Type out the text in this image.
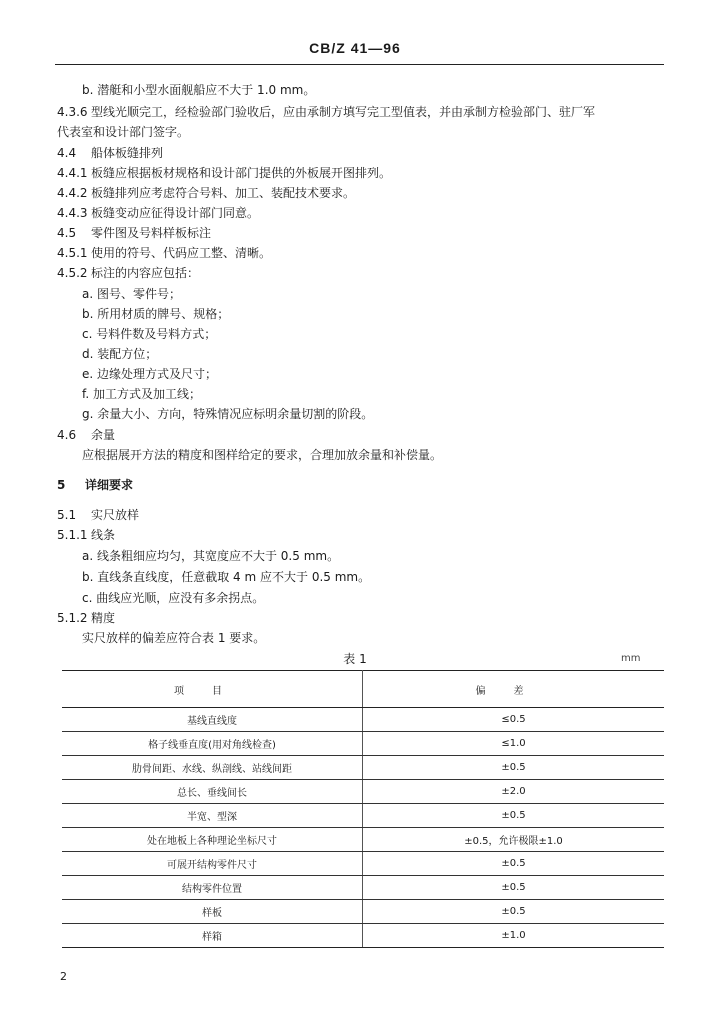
CB/Z 41—96
b. 潜艇和小型水面舰船应不大于 1.0 mm。
4.3.6 型线光顺完工，经检验部门验收后，应由承制方填写完工型值表，并由承制方检验部门、驻厂军
代表室和设计部门签字。
4.4 船体板缝排列
4.4.1 板缝应根据板材规格和设计部门提供的外板展开图排列。
4.4.2 板缝排列应考虑符合号料、加工、装配技术要求。
4.4.3 板缝变动应征得设计部门同意。
4.5 零件图及号料样板标注
4.5.1 使用的符号、代码应工整、清晰。
4.5.2 标注的内容应包括：
a. 图号、零件号；
b. 所用材质的牌号、规格；
c. 号料件数及号料方式；
d. 装配方位；
e. 边缘处理方式及尺寸；
f. 加工方式及加工线；
g. 余量大小、方向，特殊情况应标明余量切割的阶段。
4.6 余量
应根据展开方法的精度和图样给定的要求，合理加放余量和补偿量。
5 详细要求
5.1 实尺放样
5.1.1 线条
a. 线条粗细应均匀，其宽度应不大于 0.5 mm。
b. 直线条直线度，任意截取 4 m 应不大于 0.5 mm。
c. 曲线应光顺，应没有多余拐点。
5.1.2 精度
实尺放样的偏差应符合表 1 要求。
表 1	mm
项目	偏差
基线直线度	≤0.5
格子线垂直度(用对角线检查)	≤1.0
肋骨间距、水线、纵剖线、站线间距	±0.5
总长、垂线间长	±2.0
半宽、型深	±0.5
处在地板上各种理论坐标尺寸	±0.5，允许极限±1.0
可展开结构零件尺寸	±0.5
结构零件位置	±0.5
样板	±0.5
样箱	±1.0
2
